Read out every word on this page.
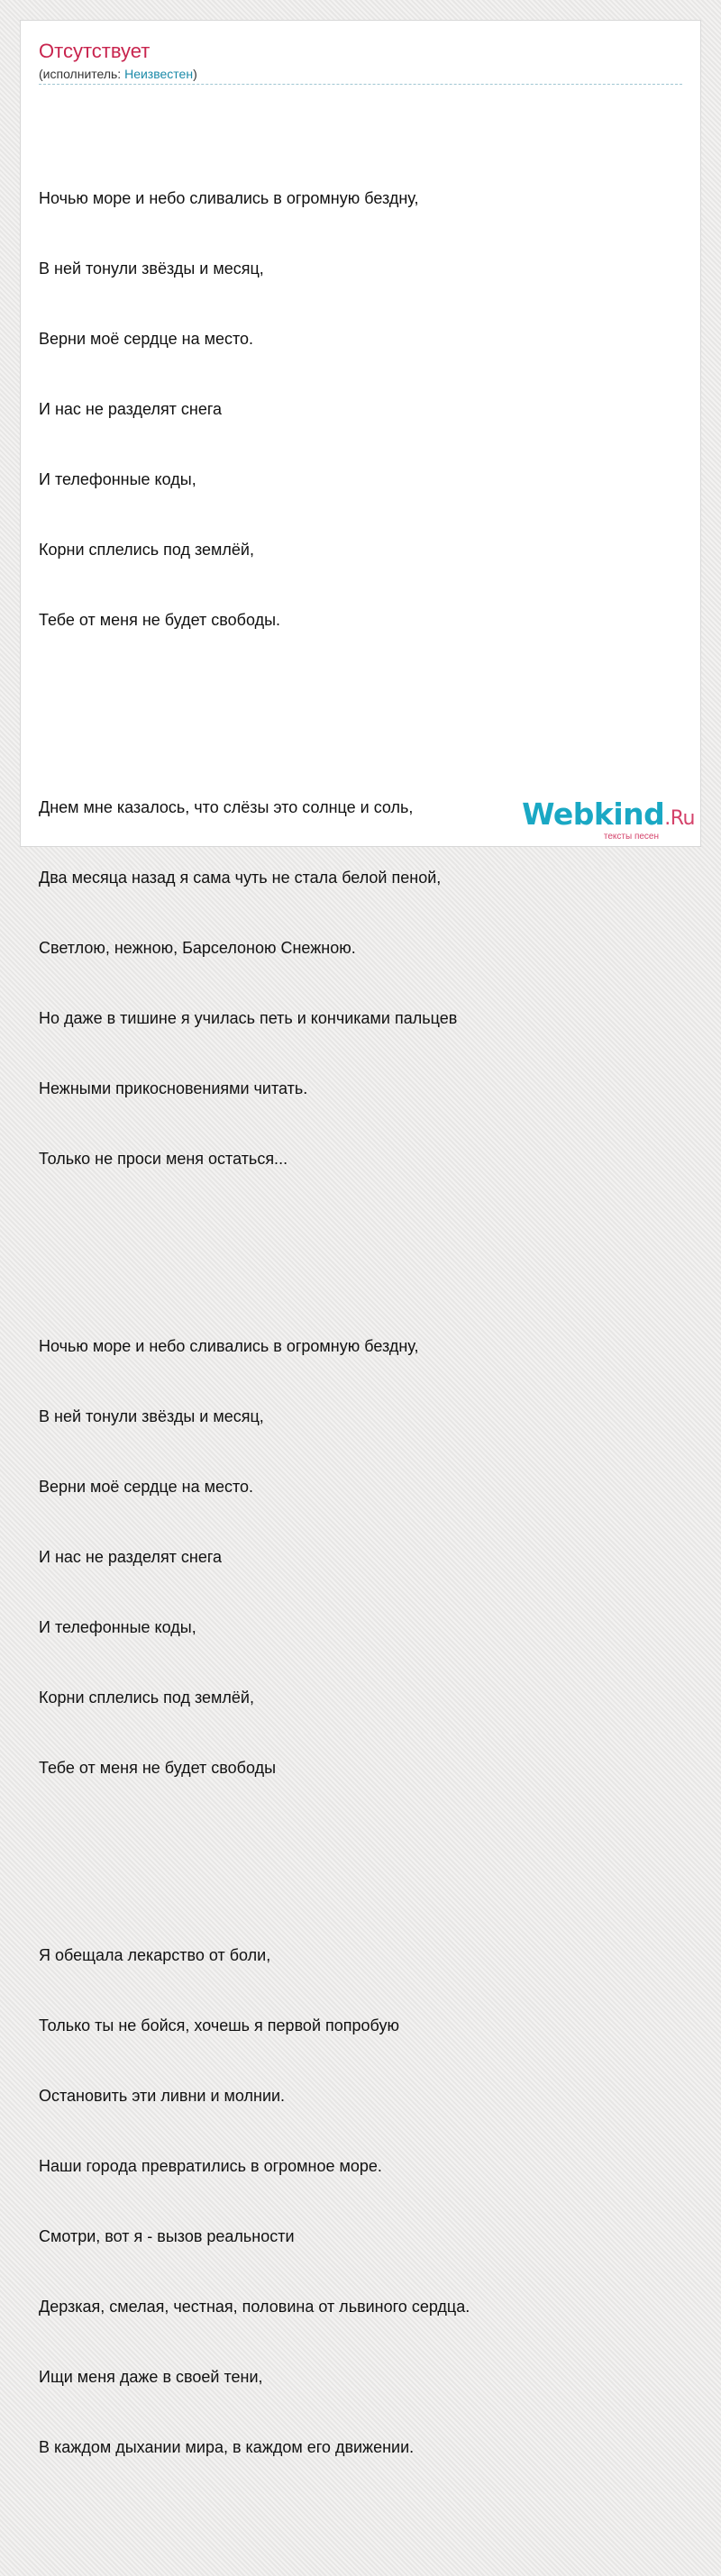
Отсутствует
(исполнитель: Неизвестен)

Ночью море и небо сливались в огромную бездну,

В ней тонули звёзды и месяц,

Верни моё сердце на место.

И нас не разделят снега

И телефонные коды,

Корни сплелись под землёй,

Тебе от меня не будет свободы.

Днем мне казалось, что слёзы это солнце и соль,

Два месяца назад я сама чуть не стала белой пеной,

Светлою, нежною, Барселоною Снежною.

Но даже в тишине я училась петь и кончиками пальцев

Нежными прикосновениями читать.

Только не проси меня остаться...

Ночью море и небо сливались в огромную бездну,

В ней тонули звёзды и месяц,

Верни моё сердце на место.

И нас не разделят снега

И телефонные коды,

Корни сплелись под землёй,

Тебе от меня не будет свободы

Я обещала лекарство от боли,

Только ты не бойся, хочешь я первой попробую

Остановить эти ливни и молнии.

Наши города превратились в огромное море.

Смотри, вот я - вызов реальности

Дерзкая, смелая, честная, половина от львиного сердца.

Ищи меня даже в своей тени,

В каждом дыхании мира, в каждом его движении.

Webkind.Ru
тексты песен
